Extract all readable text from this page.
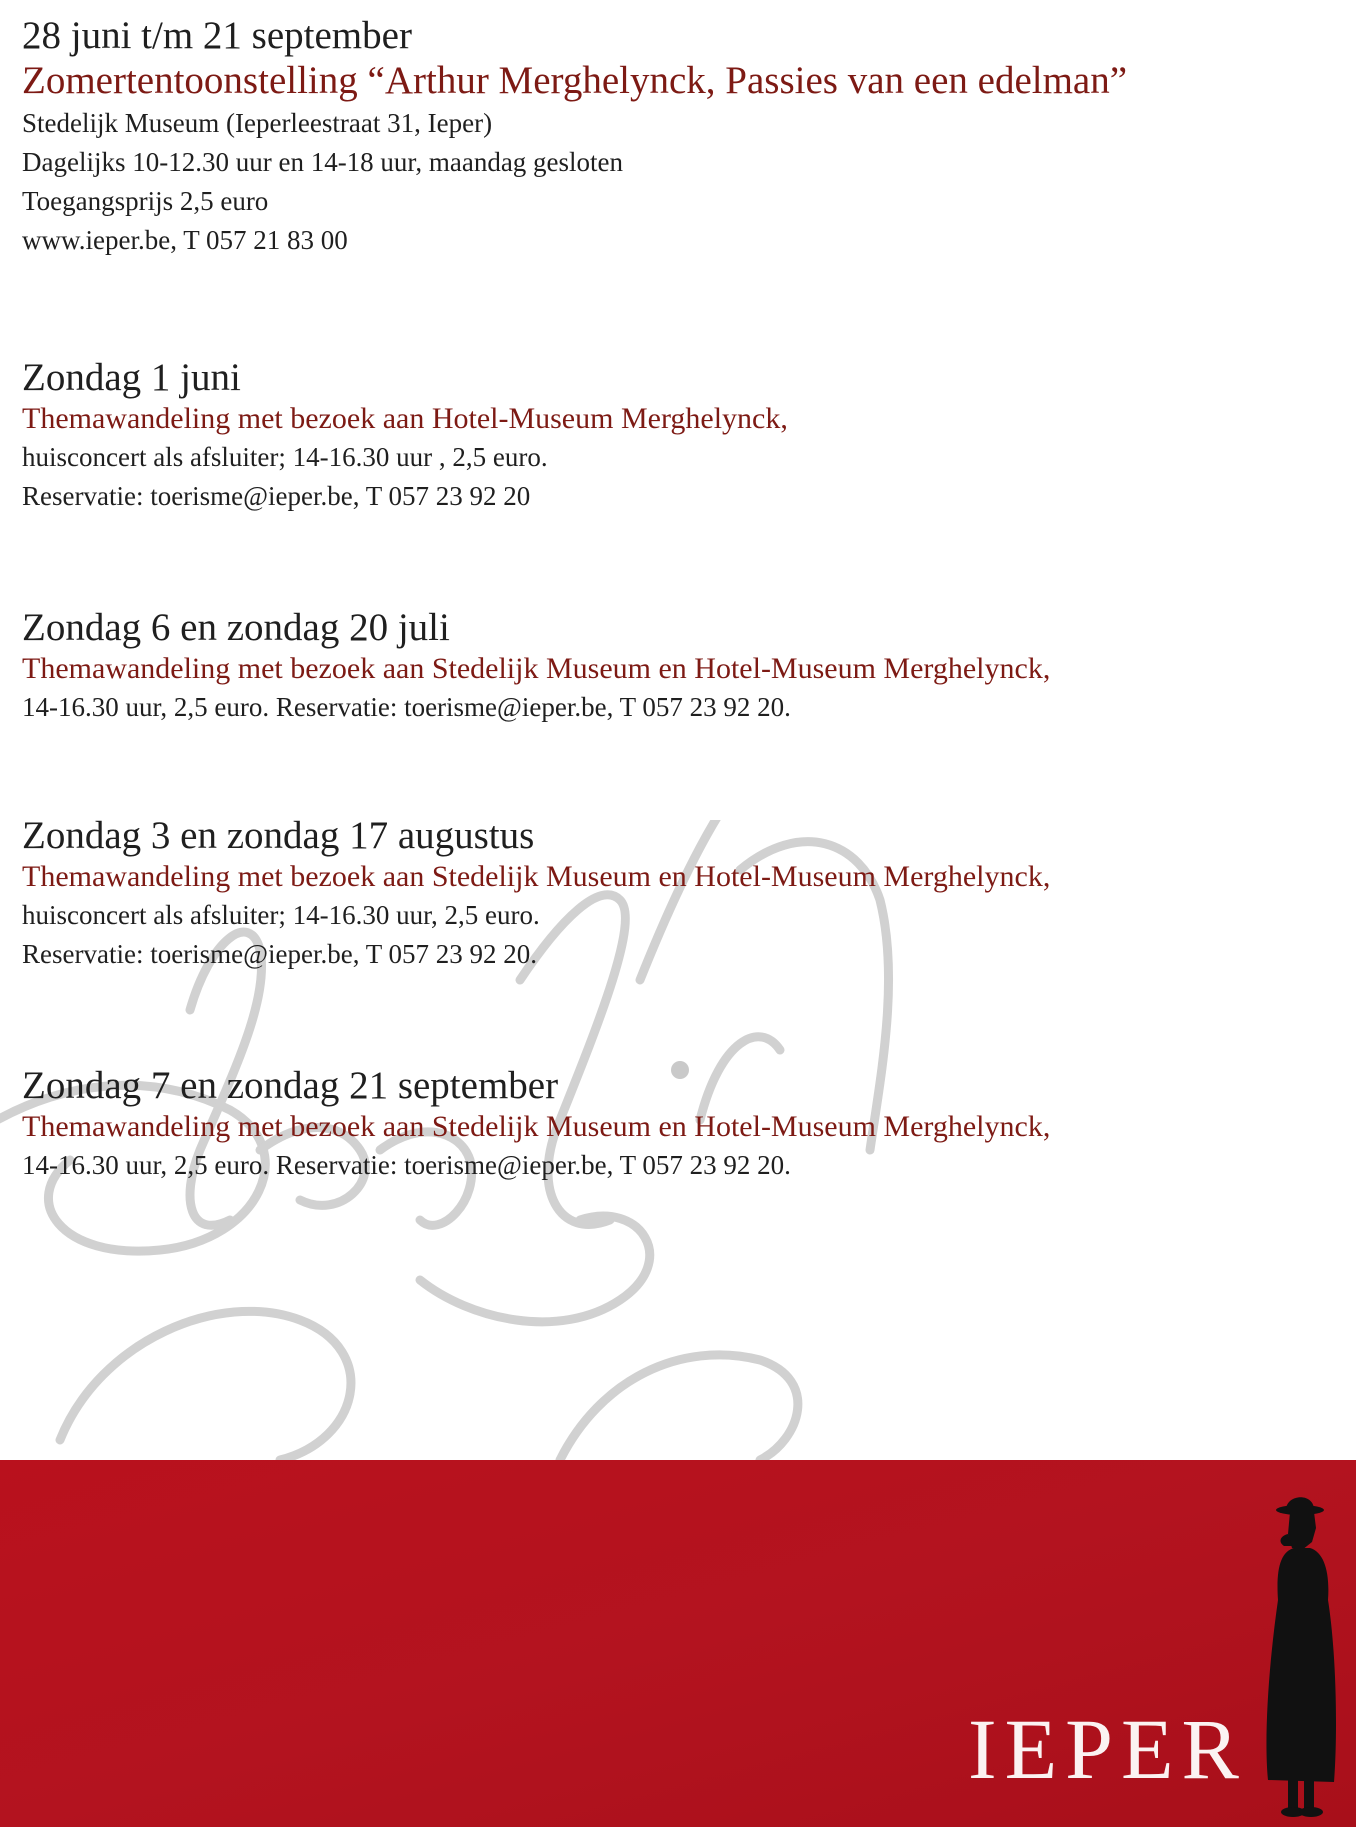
28 juni t/m 21 september

Zomertentoonstelling “Arthur Merghelynck, Passies van een edelman”

Stedelijk Museum (Ieperleestraat 31, Ieper)

Dagelijks 10-12.30 uur en 14-18 uur, maandag gesloten

Toegangsprijs 2,5 euro

www.ieper.be, T 057 21 83 00

Zondag 1 juni

Themawandeling met bezoek aan Hotel-Museum Merghelynck,

huisconcert als afsluiter; 14-16.30 uur , 2,5 euro.

Reservatie: toerisme@ieper.be, T 057 23 92 20

Zondag 6 en zondag 20 juli

Themawandeling met bezoek aan Stedelijk Museum en Hotel-Museum Merghelynck,

14-16.30 uur, 2,5 euro. Reservatie: toerisme@ieper.be, T 057 23 92 20.

Zondag 3 en zondag 17 augustus

Themawandeling met bezoek aan Stedelijk Museum en Hotel-Museum Merghelynck,

huisconcert als afsluiter; 14-16.30 uur, 2,5 euro.

Reservatie: toerisme@ieper.be, T 057 23 92 20.

Zondag 7 en zondag 21 september

Themawandeling met bezoek aan Stedelijk Museum en Hotel-Museum Merghelynck,

14-16.30 uur, 2,5 euro. Reservatie: toerisme@ieper.be, T 057 23 92 20.

IEPER
